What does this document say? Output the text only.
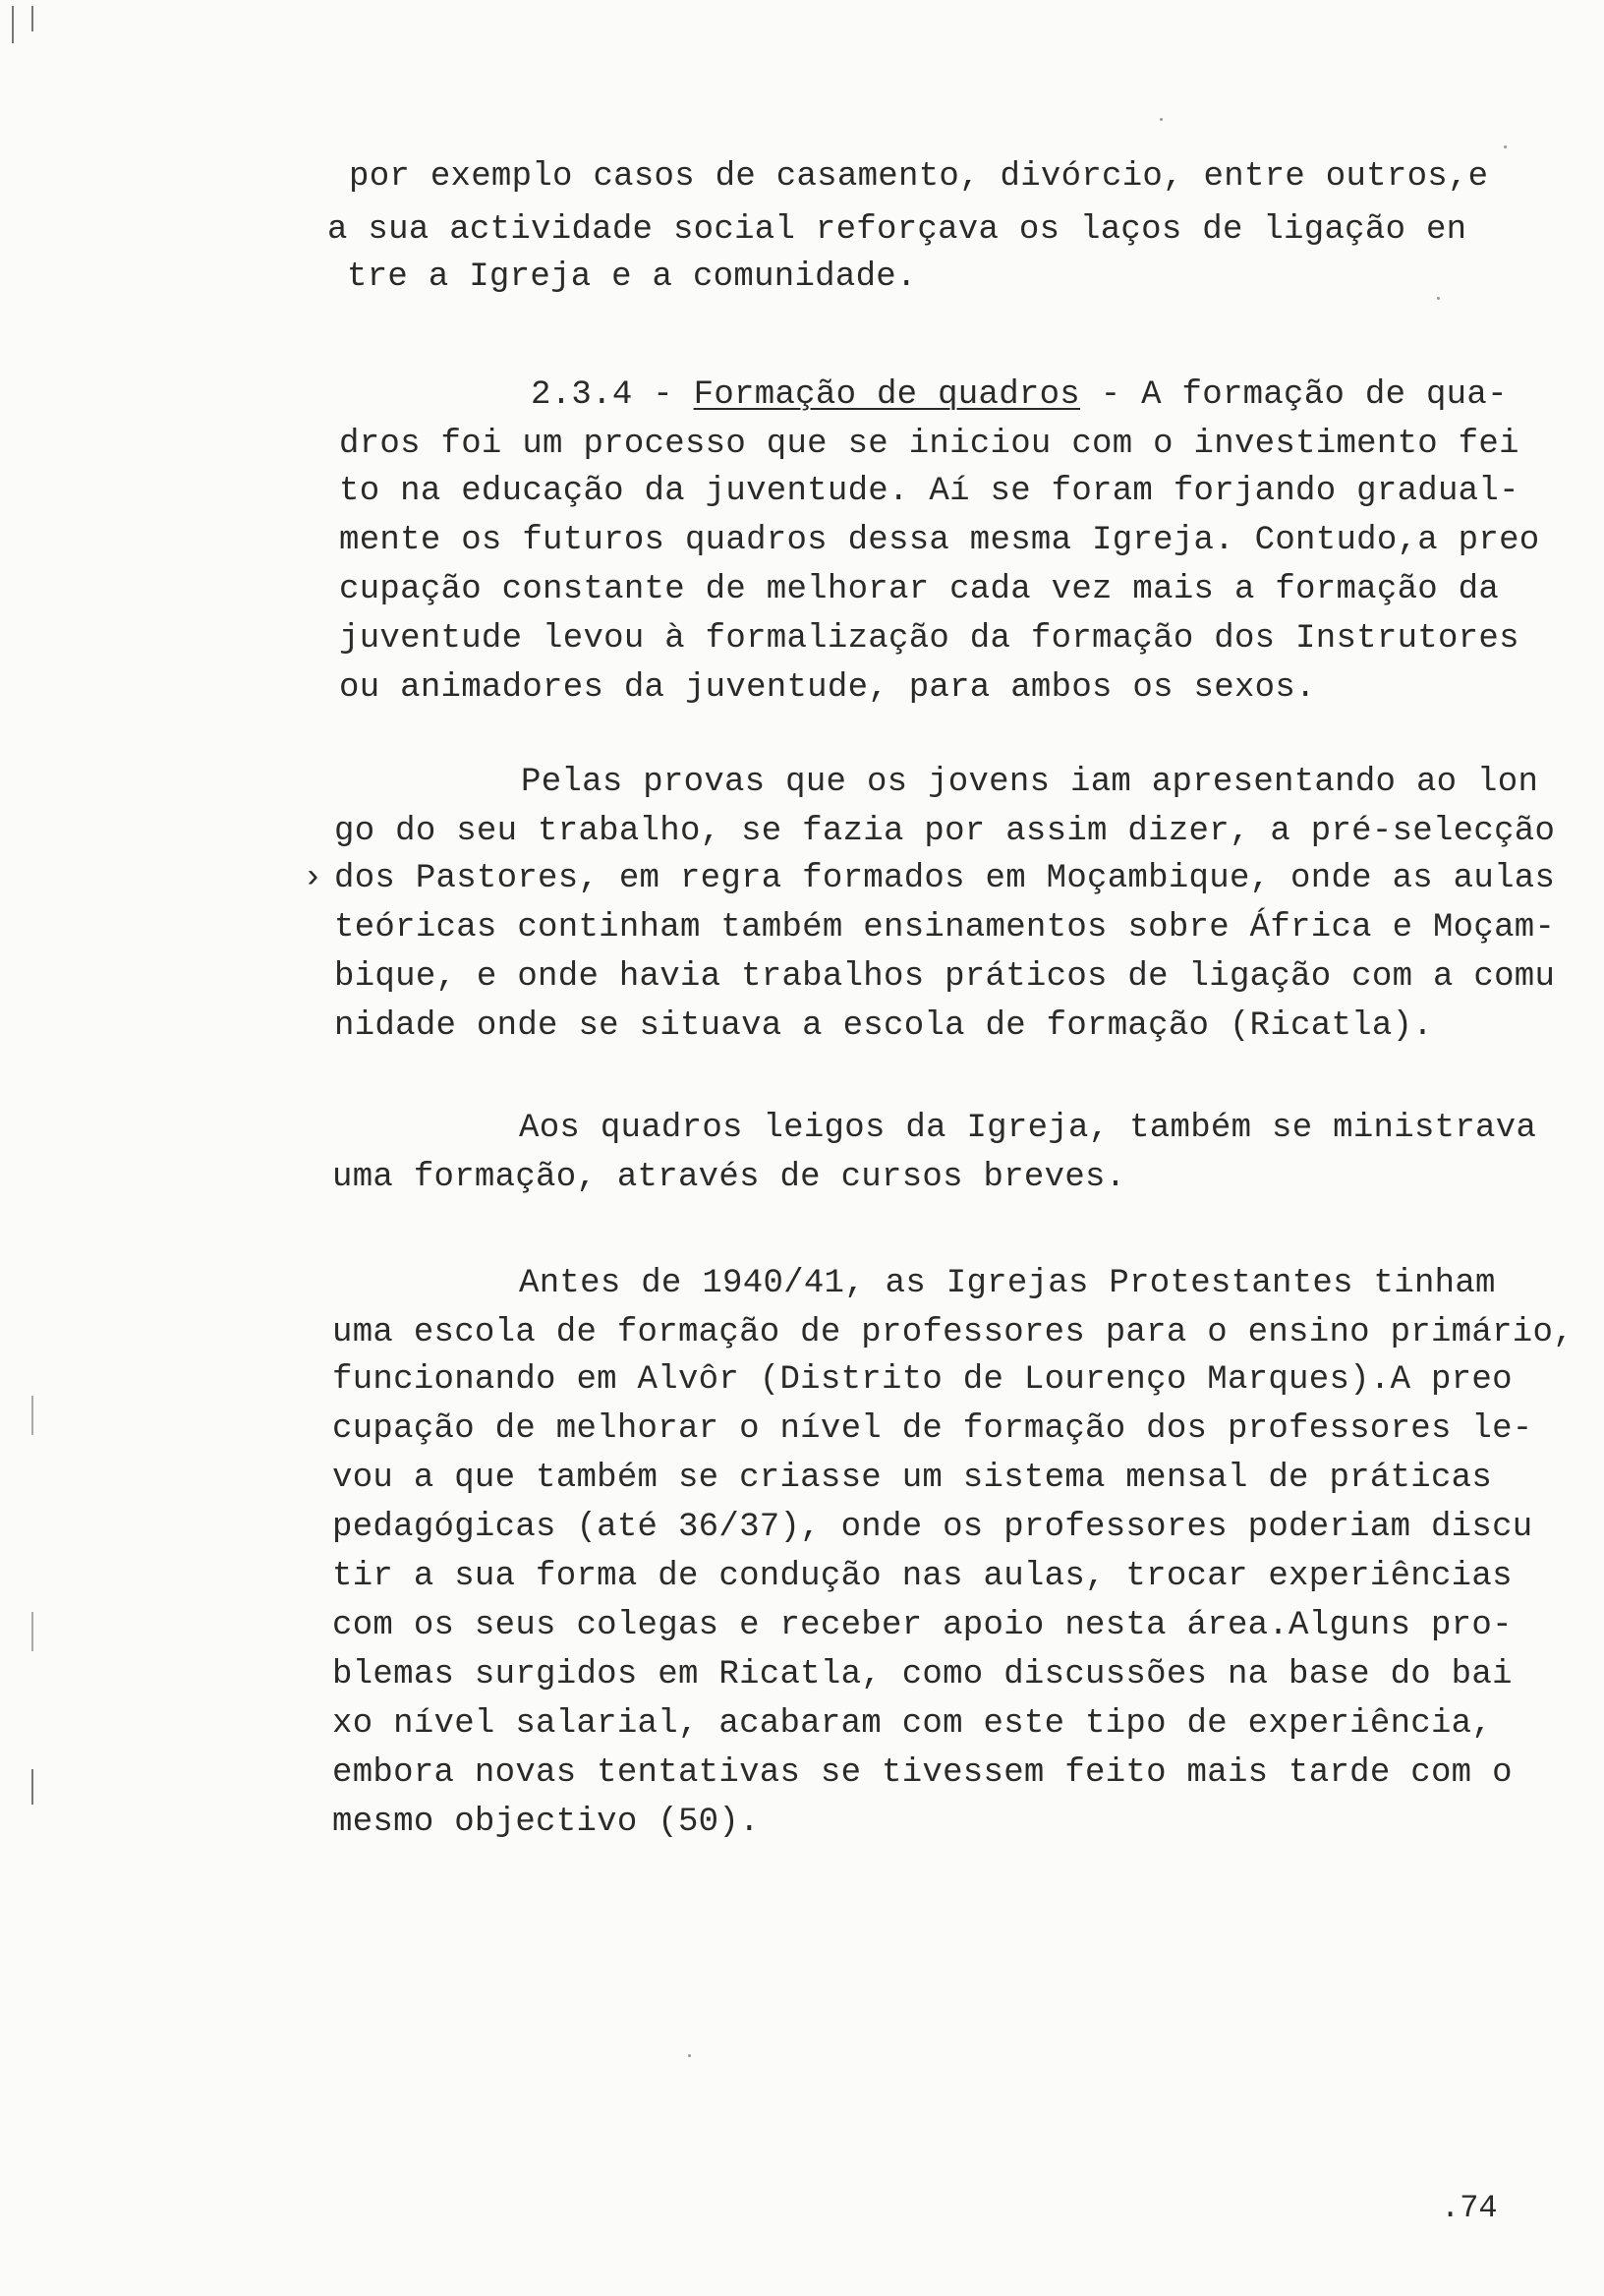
por exemplo casos de casamento, divórcio, entre outros,e
a sua actividade social reforçava os laços de ligação en
tre a Igreja e a comunidade.
2.3.4 - Formação de quadros - A formação de qua-
dros foi um processo que se iniciou com o investimento fei
to na educação da juventude. Aí se foram forjando gradual-
mente os futuros quadros dessa mesma Igreja. Contudo,a preo
cupação constante de melhorar cada vez mais a formação da
juventude levou à formalização da formação dos Instrutores
ou animadores da juventude, para ambos os sexos.
Pelas provas que os jovens iam apresentando ao lon
go do seu trabalho, se fazia por assim dizer, a pré-selecção
› dos Pastores, em regra formados em Moçambique, onde as aulas
teóricas continham também ensinamentos sobre África e Moçam-
bique, e onde havia trabalhos práticos de ligação com a comu
nidade onde se situava a escola de formação (Ricatla).
Aos quadros leigos da Igreja, também se ministrava
uma formação, através de cursos breves.
Antes de 1940/41, as Igrejas Protestantes tinham
uma escola de formação de professores para o ensino primário,
funcionando em Alvôr (Distrito de Lourenço Marques).A preo
cupação de melhorar o nível de formação dos professores le-
vou a que também se criasse um sistema mensal de práticas
pedagógicas (até 36/37), onde os professores poderiam discu
tir a sua forma de condução nas aulas, trocar experiências
com os seus colegas e receber apoio nesta área.Alguns pro-
blemas surgidos em Ricatla, como discussões na base do bai
xo nível salarial, acabaram com este tipo de experiência,
embora novas tentativas se tivessem feito mais tarde com o
mesmo objectivo (50).
.74
